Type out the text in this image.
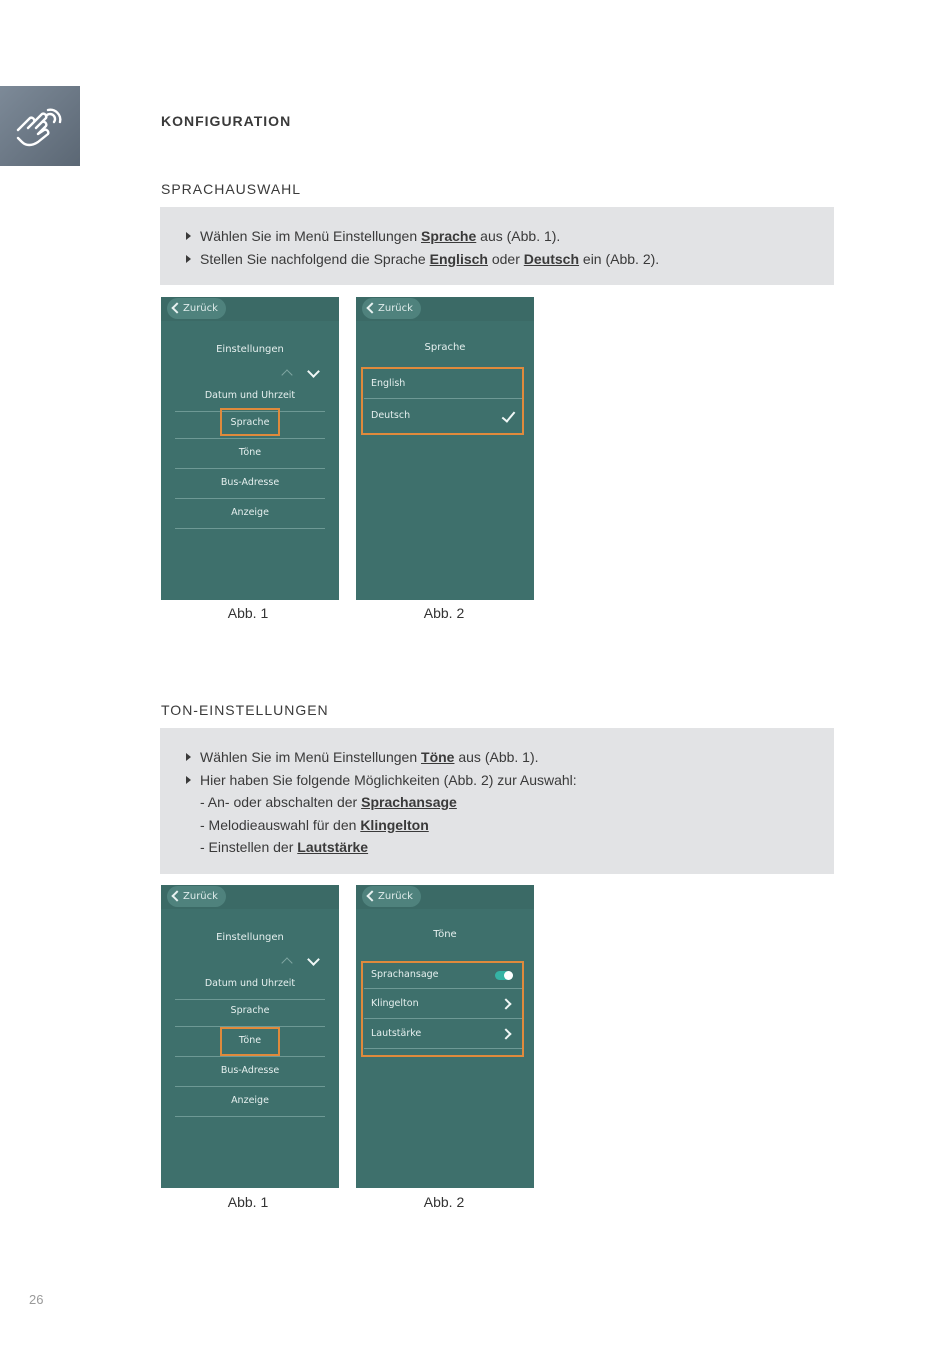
KONFIGURATION
SPRACHAUSWAHL
Wählen Sie im Menü Einstellungen
Sprache
aus (Abb. 1).
Stellen Sie nachfolgend die Sprache
Englisch
oder
Deutsch
ein (Abb. 2).
Zurück
Einstellungen
Datum und Uhrzeit
Sprache
Töne
Bus-Adresse
Anzeige
Abb. 1
Zurück
Sprache
English
Deutsch
Abb. 2
TON-EINSTELLUNGEN
Wählen Sie im Menü Einstellungen
Töne
aus (Abb. 1).
Hier haben Sie folgende Möglichkeiten (Abb. 2) zur Auswahl:
- An- oder abschalten der
Sprachansage
- Melodieauswahl für den
Klingelton
- Einstellen der
Lautstärke
Zurück
Einstellungen
Datum und Uhrzeit
Sprache
Töne
Bus-Adresse
Anzeige
Abb. 1
Zurück
Töne
Sprachansage
Klingelton
Lautstärke
Abb. 2
26
